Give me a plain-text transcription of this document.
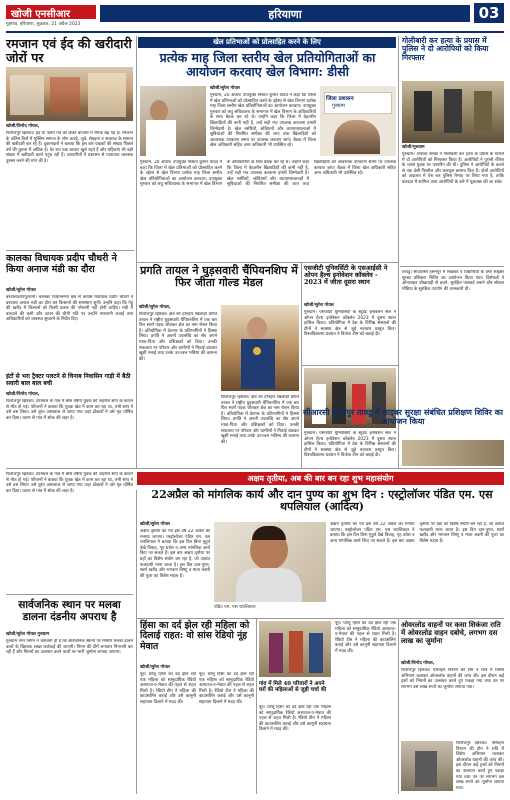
खोजी एनसीआर
गुड़गांव, हरियाणा, शुक्रवार, 21 अप्रैल 2023
हरियाणा	03
रमजान एवं ईद की खरीदारी जोरों पर
खोजी/विनोद गोयल,
फिरोजपुर झिरका। ईद के पावन पर्व को लेकर बाजारों में रौनक बढ़ गई है। रमजान के अंतिम दिनों में मुस्लिम समाज के लोग कपड़े, जूते, सेवइयां व सजावट के सामान की खरीदारी कर रहे हैं। दुकानदारों ने बताया कि इस बार ग्राहकों की संख्या पिछले वर्ष की तुलना में अधिक है। देर रात तक बाजार खुले रहते हैं और महिलाएं भी बड़ी संख्या में खरीदारी करने पहुंच रही हैं। व्यापारियों ने प्रशासन से यातायात व्यवस्था दुरुस्त करने की मांग की है।
कालका विधायक प्रदीप चौधरी ने किया अनाज मंडी का दौरा
खोजी/सुरेश गोयल
बरवाला/रायपुररानी। कालका विधानसभा क्षेत्र से कांग्रेस विधायक प्रदीप चौधरी ने बरवाला अनाज मंडी का दौरा कर किसानों की समस्याएं सुनीं। उन्होंने कहा कि गेहूं की खरीद में किसानों को किसी प्रकार की परेशानी नहीं होनी चाहिए। मंडी में बारदाने की कमी और उठान की धीमी गति पर उन्होंने नाराजगी जताई तथा अधिकारियों को व्यवस्था सुधारने के निर्देश दिए।
इंटों से भरा ट्रैक्टर पलटने से चिनाब निवासिन गाड़ी में बैठी सवारी बाल बाल बची
खोजी/विनोद गोयल,
फिरोजपुर झिरका। उपमंडल के गांव में बीस वर्षीय युवक की जहरीले सांप के काटने से मौत हो गई। परिजनों ने बताया कि युवक खेत में काम कर रहा था, तभी सांप ने उसे डस लिया। उसे तुरंत अस्पताल ले जाया गया जहां डॉक्टरों ने उसे मृत घोषित कर दिया। घटना से गांव में शोक की लहर है।
खेल प्रतिभाओं को प्रोत्साहित करने के लिए
प्रत्येक माह जिला स्तरीय खेल प्रतियोगिताओं का आयोजन करवाए खेल विभाग: डीसी
जिला प्रशासन
गुरुग्राम
खोजी/सुरेश गोयल
गुरुग्राम, 20 अप्रैल। उपायुक्त निशांत कुमार यादव ने कहा कि जिला में खेल प्रतिभाओं को प्रोत्साहित करने के उद्देश्य से खेल विभाग प्रत्येक माह जिला स्तरीय खेल प्रतियोगिताओं का आयोजन करवाए। उपायुक्त गुरुवार को लघु सचिवालय के सभागार में खेल विभाग के अधिकारियों के साथ बैठक कर रहे थे। उन्होंने कहा कि जिला में बेहतरीन खिलाड़ियों की कमी नहीं है, उन्हें सही मंच उपलब्ध करवाना हमारी जिम्मेदारी है। खेल नर्सरियों, स्टेडियमों और व्यायामशालाओं में सुविधाओं की नियमित समीक्षा की जाए तथा खिलाड़ियों को आवश्यक उपकरण समय पर उपलब्ध करवाए जाएं। बैठक में जिला खेल अधिकारी सहित अन्य अधिकारी भी उपस्थित रहे।
गुरुग्राम, 20 अप्रैल। उपायुक्त निशांत कुमार यादव ने कहा कि जिला में खेल प्रतिभाओं को प्रोत्साहित करने के उद्देश्य से खेल विभाग प्रत्येक माह जिला स्तरीय खेल प्रतियोगिताओं का आयोजन करवाए। उपायुक्त गुरुवार को लघु सचिवालय के सभागार में खेल विभाग के अधिकारियों के साथ बैठक कर रहे थे। उन्होंने कहा कि जिला में बेहतरीन खिलाड़ियों की कमी नहीं है, उन्हें सही मंच उपलब्ध करवाना हमारी जिम्मेदारी है। खेल नर्सरियों, स्टेडियमों और व्यायामशालाओं में सुविधाओं की नियमित समीक्षा की जाए तथा खिलाड़ियों को आवश्यक उपकरण समय पर उपलब्ध करवाए जाएं। बैठक में जिला खेल अधिकारी सहित अन्य अधिकारी भी उपस्थित रहे।
गोलीबारी कर हत्या के प्रयास में पुलिस ने दो आरोपियों को किया गिरफ्तार
खोजी/गुरुग्राम
गुरुग्राम। अपराध शाखा ने गोलीबारी कर हत्या के प्रयास के मामले में दो आरोपियों को गिरफ्तार किया है। आरोपियों ने पुरानी रंजिश के चलते युवक पर फायरिंग की थी। पुलिस ने आरोपियों के कब्जे से एक देसी पिस्तौल और कारतूस बरामद किए हैं। दोनों आरोपियों को अदालत में पेश कर पुलिस रिमांड पर लिया गया है, ताकि वारदात में शामिल अन्य आरोपियों के बारे में पूछताछ की जा सके।
प्रगति तायल ने घुड़सवारी चैंपियनशिप में फिर जीता गोल्ड मेडल
खोजी/सुरेश गोयल,
फिरोजपुर झिरका। क्षेत्र की होनहार खिलाड़ी प्रगति तायल ने राष्ट्रीय घुड़सवारी चैंपियनशिप में एक बार फिर स्वर्ण पदक जीतकर क्षेत्र का नाम रोशन किया है। प्रतियोगिता में देशभर के प्रतिभागियों ने हिस्सा लिया। प्रगति ने अपनी उपलब्धि का श्रेय अपने माता-पिता और प्रशिक्षकों को दिया। उनकी सफलता पर परिवार और ग्रामीणों ने मिठाई बांटकर खुशी मनाई तथा उनके उज्ज्वल भविष्य की कामना की।
फिरोजपुर झिरका। क्षेत्र की होनहार खिलाड़ी प्रगति तायल ने राष्ट्रीय घुड़सवारी चैंपियनशिप में एक बार फिर स्वर्ण पदक जीतकर क्षेत्र का नाम रोशन किया है। प्रतियोगिता में देशभर के प्रतिभागियों ने हिस्सा लिया। प्रगति ने अपनी उपलब्धि का श्रेय अपने माता-पिता और प्रशिक्षकों को दिया। उनकी सफलता पर परिवार और ग्रामीणों ने मिठाई बांटकर खुशी मनाई तथा उनके उज्ज्वल भविष्य की कामना की।
एसजीटी यूनिवर्सिटी के एसआईसी ने ओपन हैल्थ इनोवेशन कॉक्लेव - 2023 में जीता दूसरा स्थान
खोजी/सुरेश गोयल
गुरुग्राम। एसजीटी यूनिवर्सिटी के स्टूडेंट इनोवेशन सेल ने ओपन हैल्थ इनोवेशन कॉक्लेव 2023 में दूसरा स्थान हासिल किया। प्रतियोगिता में देश के विभिन्न संस्थानों की टीमों ने स्वास्थ्य क्षेत्र से जुड़े नवाचार प्रस्तुत किए। विश्वविद्यालय प्रबंधन ने विजेता टीम को बधाई दी।
गुरुग्राम। एसजीटी यूनिवर्सिटी के स्टूडेंट इनोवेशन सेल ने ओपन हैल्थ इनोवेशन कॉक्लेव 2023 में दूसरा स्थान हासिल किया। प्रतियोगिता में देश के विभिन्न संस्थानों की टीमों ने स्वास्थ्य क्षेत्र से जुड़े नवाचार प्रस्तुत किए। विश्वविद्यालय प्रबंधन ने विजेता टीम को बधाई दी।
तावडू। सीआरसी हसनपुर में शिक्षकों व विद्यार्थियों के लिए साइबर सुरक्षा प्रशिक्षण शिविर का आयोजन किया गया। विशेषज्ञों ने ऑनलाइन धोखाधड़ी से बचने, सुरक्षित पासवर्ड बनाने और सोशल मीडिया के सुरक्षित उपयोग की जानकारी दी।
सीआरसी हसनपुर तावडू में साइबर सुरक्षा संबंधित प्रशिक्षण शिविर का आयोजन किया
अक्षय तृतीया, अब की बार बन रहा शुभ महासंयोग
22अप्रैल को मांगलिक कार्य और दान पुण्य का शुभ दिन : एस्ट्रोलॉजर पंडित एम. एस थपलियाल (आदित्य)
खोजी/सुरेश गोयल
अक्षय तृतीया का पर्व इस वर्ष 22 अप्रैल को मनाया जाएगा। एस्ट्रोलॉजर पंडित एम. एस थपलियाल ने बताया कि इस दिन बिना मुहूर्त देखे विवाह, गृह प्रवेश व अन्य मांगलिक कार्य किए जा सकते हैं। इस बार अक्षय तृतीया पर ग्रहों का विशेष संयोग बन रहा है, जो अत्यंत फलदायी माना जाता है। इस दिन दान-पुण्य, स्वर्ण खरीद और भगवान विष्णु व माता लक्ष्मी की पूजा का विशेष महत्व है।
पंडित एम. एस थपलियाल
अक्षय तृतीया का पर्व इस वर्ष 22 अप्रैल को मनाया जाएगा। एस्ट्रोलॉजर पंडित एम. एस थपलियाल ने बताया कि इस दिन बिना मुहूर्त देखे विवाह, गृह प्रवेश व अन्य मांगलिक कार्य किए जा सकते हैं। इस बार अक्षय तृतीया पर ग्रहों का विशेष संयोग बन रहा है, जो अत्यंत फलदायी माना जाता है। इस दिन दान-पुण्य, स्वर्ण खरीद और भगवान विष्णु व माता लक्ष्मी की पूजा का विशेष महत्व है।
फिरोजपुर झिरका। उपमंडल के गांव में बीस वर्षीय युवक की जहरीले सांप के काटने से मौत हो गई। परिजनों ने बताया कि युवक खेत में काम कर रहा था, तभी सांप ने उसे डस लिया। उसे तुरंत अस्पताल ले जाया गया जहां डॉक्टरों ने उसे मृत घोषित कर दिया। घटना से गांव में शोक की लहर है।
सार्वजनिक स्थान पर मलबा डालना दंडनीय अपराध है
खोजी/सुरेश गोयल गुरुग्राम
गुरुग्राम नगर निगम ने चेतावनी दी है कि सार्वजनिक स्थानों पर निर्माण मलबा डालने वालों के खिलाफ सख्त कार्रवाई की जाएगी। निगम की टीमें लगातार निगरानी कर रही हैं और नियमों का उल्लंघन करने वालों पर भारी जुर्माना लगाया जाएगा।
हिंसा का दर्द झेल रही महिला को दिलाई राहत: वो सांस रेडियो नूंह मेवात
खोजी/सुरेश गोयल
नूंह। घरेलू हिंसा का दर्द झेल रही एक महिला को सामुदायिक रेडियो अल्फाज-ए-मेवात की पहल से राहत मिली है। रेडियो टीम ने महिला की काउंसलिंग कराई और उसे कानूनी सहायता दिलाने में मदद की।
नूंह। घरेलू हिंसा का दर्द झेल रही एक महिला को सामुदायिक रेडियो अल्फाज-ए-मेवात की पहल से राहत मिली है। रेडियो टीम ने महिला की काउंसलिंग कराई और उसे कानूनी सहायता दिलाने में मदद की।
गांव में मिले 40 परिवारों ने अपने घरों की महिलाओं से जुड़ी चर्चा की
नूंह। घरेलू हिंसा का दर्द झेल रही एक महिला को सामुदायिक रेडियो अल्फाज-ए-मेवात की पहल से राहत मिली है। रेडियो टीम ने महिला की काउंसलिंग कराई और उसे कानूनी सहायता दिलाने में मदद की।
नूंह। घरेलू हिंसा का दर्द झेल रही एक महिला को सामुदायिक रेडियो अल्फाज-ए-मेवात की पहल से राहत मिली है। रेडियो टीम ने महिला की काउंसलिंग कराई और उसे कानूनी सहायता दिलाने में मदद की।
ओवरलोड वाहनों पर कसा शिकंजा राति में ओवरलोड वाहन दबोचे, लगभग दस लाख का जुर्माना
खोजी/विनोद गोयल,
फिरोजपुर झिरका। परिवहन विभाग की टीम ने रात्रि में विशेष अभियान चलाकर ओवरलोड वाहनों की जांच की। इस दौरान कई ट्रकों को नियमों का उल्लंघन करते हुए पकड़ा गया तथा उन पर लगभग दस लाख रुपये का जुर्माना लगाया गया।
फिरोजपुर झिरका। परिवहन विभाग की टीम ने रात्रि में विशेष अभियान चलाकर ओवरलोड वाहनों की जांच की। इस दौरान कई ट्रकों को नियमों का उल्लंघन करते हुए पकड़ा गया तथा उन पर लगभग दस लाख रुपये का जुर्माना लगाया गया।
